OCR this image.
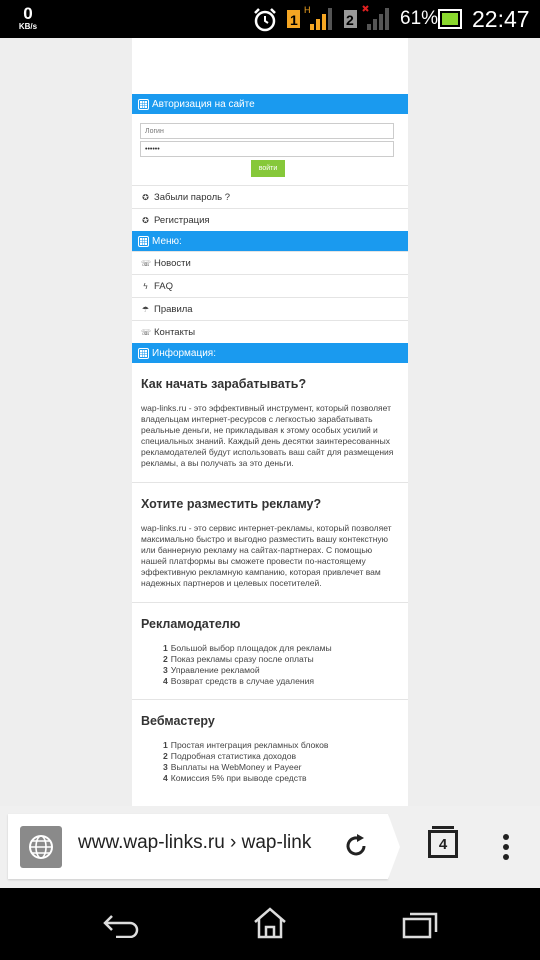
0
KB/s	1
H
2 61% 22:47
Авторизация на сайте
Логин
••••••
войти
✪ Забыли пароль ?
✪ Регистрация
Меню:
☏ Новости
ϟ FAQ
☂ Правила
☏ Контакты
Информация:
Как начать зарабатывать?

wap-links.ru - это эффективный инструмент, который позволяет владельцам интернет-ресурсов с легкостью зарабатывать реальные деньги, не прикладывая к этому особых усилий и специальных знаний. Каждый день десятки заинтересованных рекламодателей будут использовать ваш сайт для размещения рекламы, а вы получать за это деньги.

Хотите разместить рекламу?

wap-links.ru - это сервис интернет-рекламы, который позволяет максимально быстро и выгодно разместить вашу контекстную или баннерную рекламу на сайтах-партнерах. С помощью нашей платформы вы сможете провести по-настоящему эффективную рекламную кампанию, которая привлечет вам надежных партнеров и целевых посетителей.

Рекламодателю
1 Большой выбор площадок для рекламы
2 Показ рекламы сразу после оплаты
3 Управление рекламой
4 Возврат средств в случае удаления
Вебмастеру
1 Простая интеграция рекламных блоков
2 Подробная статистика доходов
3 Выплаты на WebMoney и Payeer
4 Комиссия 5% при выводе средств
www.wap-links.ru › wap-link	4
